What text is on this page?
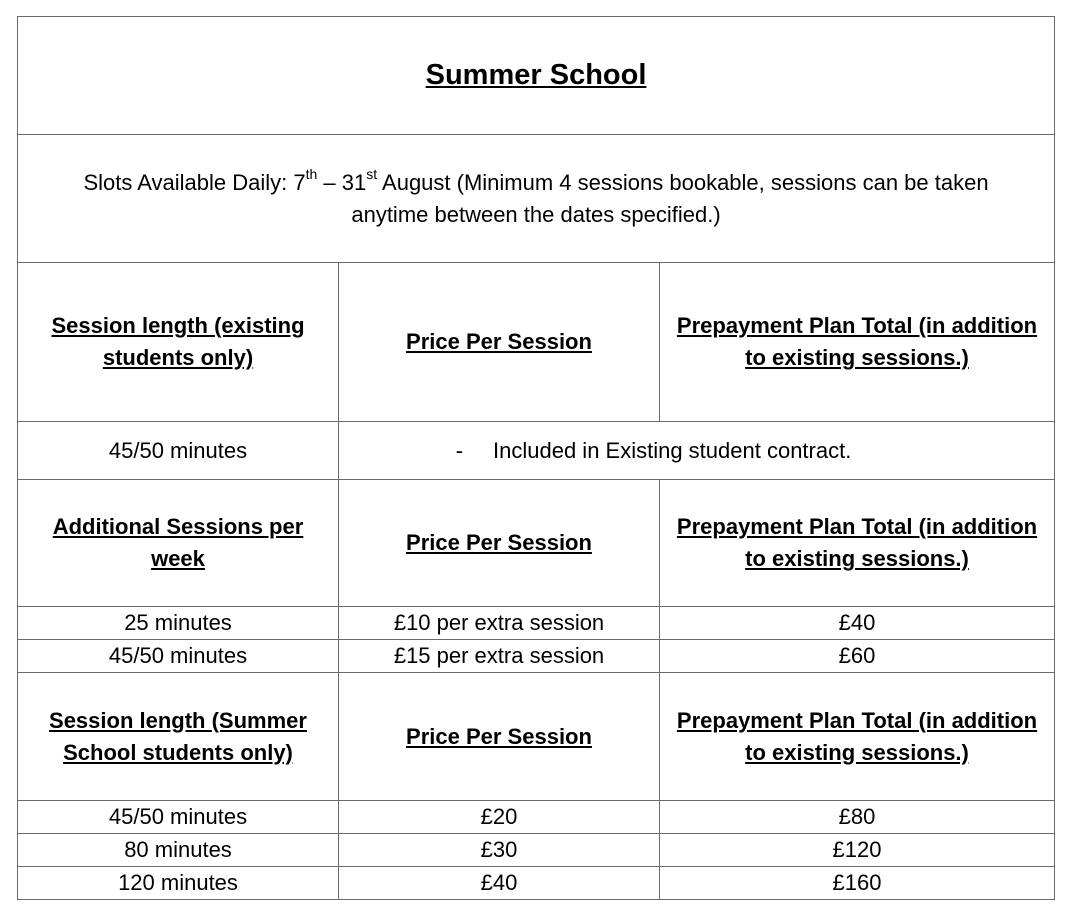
Summer School		
Slots Available Daily: 7th – 31st August (Minimum 4 sessions bookable, sessions can be taken anytime between the dates specified.)		
Session length (existing students only)	Price Per Session	Prepayment Plan Total (in addition to existing sessions.)
45/50 minutes	- Included in Existing student contract.	
Additional Sessions per week	Price Per Session	Prepayment Plan Total (in addition to existing sessions.)
25 minutes	£10 per extra session	£40
45/50 minutes	£15 per extra session	£60
Session length (Summer School students only)	Price Per Session	Prepayment Plan Total (in addition to existing sessions.)
45/50 minutes	£20	£80
80 minutes	£30	£120
120 minutes	£40	£160
